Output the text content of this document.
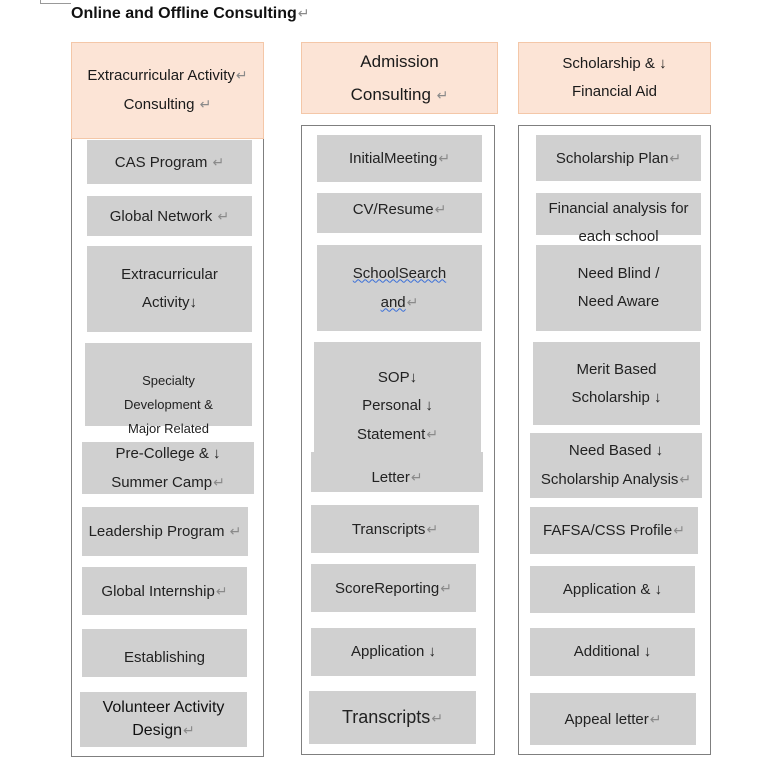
Online and Offline Consulting↵
Extracurricular Activity↵
Consulting ↵
CAS Program ↵
Global Network ↵
Extracurricular
Activity↓
Specialty
Development &
Major Related
Pre-College & ↓
Summer Camp↵
Leadership Program ↵
Global Internship↵
Establishing
Volunteer Activity
Design↵
Admission
Consulting ↵
InitialMeeting↵
CV/Resume↵
SchoolSearch
and↵
SOP↓
Personal ↓
Statement↵
Letter↵
Transcripts↵
ScoreReporting↵
Application ↓
Transcripts↵
Scholarship & ↓
Financial Aid
Scholarship Plan↵
Financial analysis for
each school
Need Blind /
Need Aware
Merit Based
Scholarship ↓
Need Based ↓
Scholarship Analysis↵
FAFSA/CSS Profile↵
Application & ↓
Additional ↓
Appeal letter↵
